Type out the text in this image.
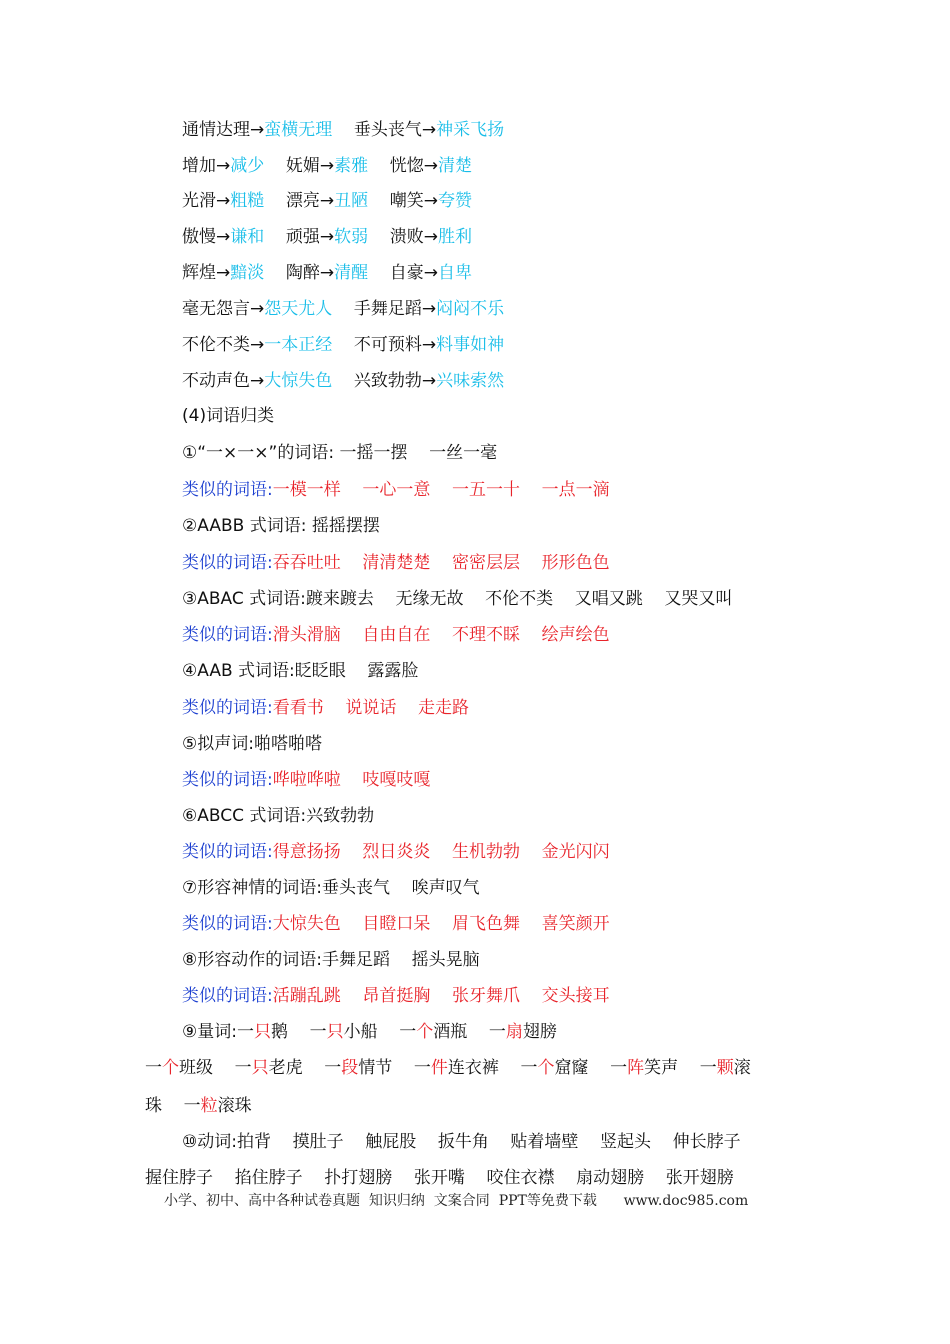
通情达理→蛮横无理    垂头丧气→神采飞扬
增加→减少    妩媚→素雅    恍惚→清楚
光滑→粗糙    漂亮→丑陋    嘲笑→夸赞
傲慢→谦和    顽强→软弱    溃败→胜利
辉煌→黯淡    陶醉→清醒    自豪→自卑
毫无怨言→怨天尤人    手舞足蹈→闷闷不乐
不伦不类→一本正经    不可预料→料事如神
不动声色→大惊失色    兴致勃勃→兴味索然
(4)词语归类
①“一×一×”的词语: 一摇一摆    一丝一毫
类似的词语:一模一样    一心一意    一五一十    一点一滴
②AABB 式词语: 摇摇摆摆
类似的词语:吞吞吐吐    清清楚楚    密密层层    形形色色
③ABAC 式词语:踱来踱去    无缘无故    不伦不类    又唱又跳    又哭又叫
类似的词语:滑头滑脑    自由自在    不理不睬    绘声绘色
④AAB 式词语:眨眨眼    露露脸
类似的词语:看看书    说说话    走走路
⑤拟声词:啪嗒啪嗒
类似的词语:哗啦哗啦    吱嘎吱嘎
⑥ABCC 式词语:兴致勃勃
类似的词语:得意扬扬    烈日炎炎    生机勃勃    金光闪闪
⑦形容神情的词语:垂头丧气    唉声叹气
类似的词语:大惊失色    目瞪口呆    眉飞色舞    喜笑颜开
⑧形容动作的词语:手舞足蹈    摇头晃脑
类似的词语:活蹦乱跳    昂首挺胸    张牙舞爪    交头接耳
⑨量词:一只鹅    一只小船    一个酒瓶    一扇翅膀
一个班级    一只老虎    一段情节    一件连衣裤    一个窟窿    一阵笑声    一颗滚
珠    一粒滚珠
⑩动词:拍背    摸肚子    触屁股    扳牛角    贴着墙壁    竖起头    伸长脖子
握住脖子    掐住脖子    扑打翅膀    张开嘴    咬住衣襟    扇动翅膀    张开翅膀
小学、初中、高中各种试卷真题  知识归纳  文案合同  PPT等免费下载      www.doc985.com
